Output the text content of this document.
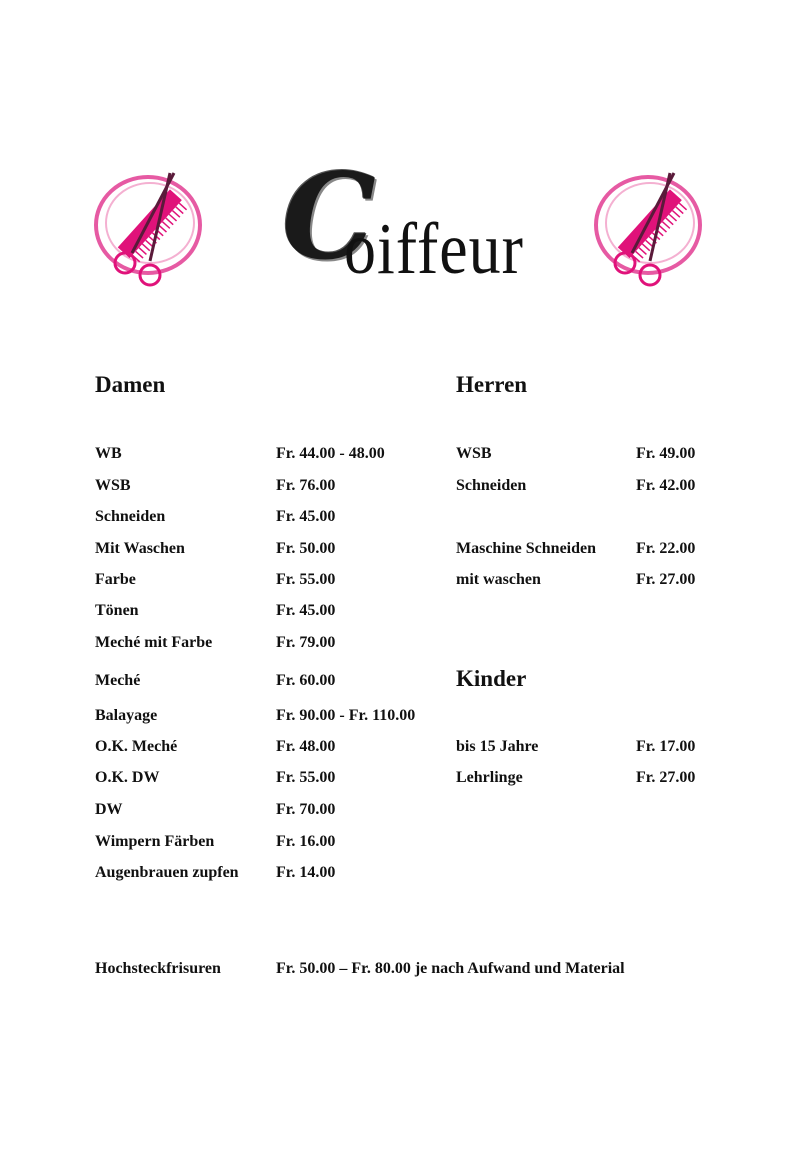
C
oiffeur
Damen	Herren
Kinder
WB	Fr. 44.00 - 48.00
WSB	Fr. 76.00
Schneiden	Fr. 45.00
Mit Waschen	Fr. 50.00
Farbe	Fr. 55.00
Tönen	Fr. 45.00
Meché mit Farbe	Fr. 79.00
Meché	Fr. 60.00
Balayage	Fr. 90.00 - Fr. 110.00
O.K. Meché	Fr. 48.00
O.K. DW	Fr. 55.00
DW	Fr. 70.00
Wimpern Färben	Fr. 16.00
Augenbrauen zupfen Fr. 14.00
WSB	Fr. 49.00
Schneiden	Fr. 42.00
Maschine Schneiden Fr. 22.00
mit waschen	Fr. 27.00
bis 15 Jahre	Fr. 17.00
Lehrlinge	Fr. 27.00
Hochsteckfrisuren	Fr. 50.00 – Fr. 80.00 je nach Aufwand und Material
